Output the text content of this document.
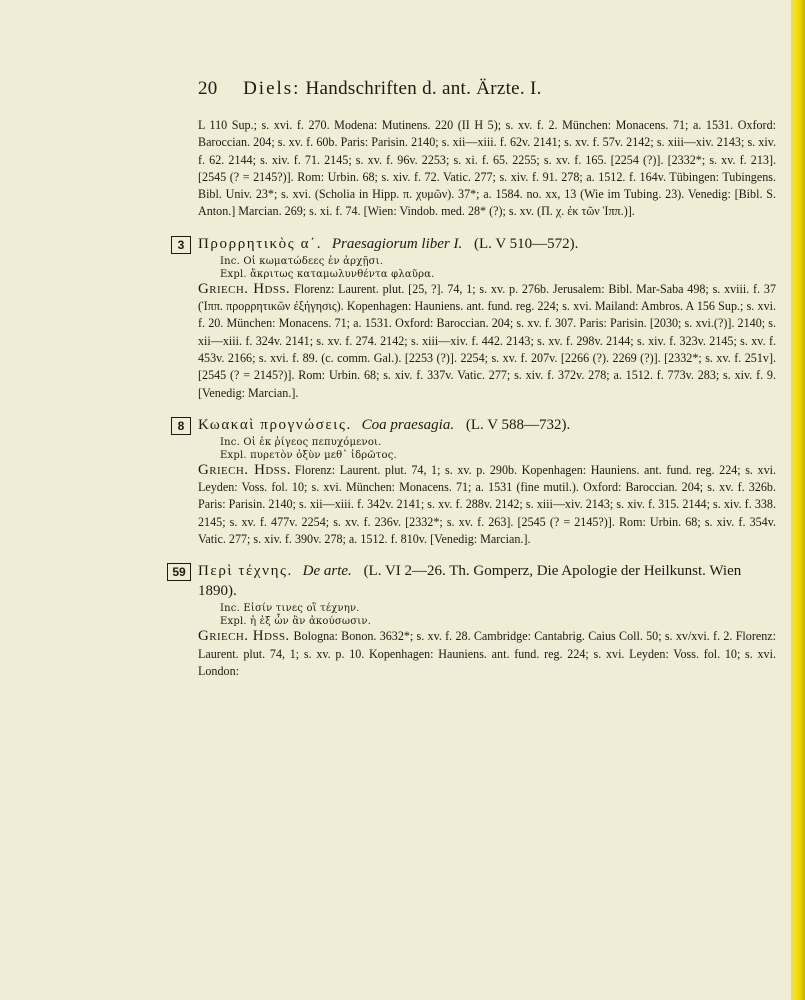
20 Diels: Handschriften d. ant. Ärzte. I.

L 110 Sup.; s. xvi. f. 270. Modena: Mutinens. 220 (II H 5); s. xv. f. 2. München: Monacens. 71; a. 1531. Oxford: Baroccian. 204; s. xv. f. 60b. Paris: Parisin. 2140; s. xii—xiii. f. 62v. 2141; s. xv. f. 57v. 2142; s. xiii—xiv. 2143; s. xiv. f. 62. 2144; s. xiv. f. 71. 2145; s. xv. f. 96v. 2253; s. xi. f. 65. 2255; s. xv. f. 165. [2254 (?)]. [2332*; s. xv. f. 213]. [2545 (? = 2145?)]. Rom: Urbin. 68; s. xiv. f. 72. Vatic. 277; s. xiv. f. 91. 278; a. 1512. f. 164v. Tübingen: Tubingens. Bibl. Univ. 23*; s. xvi. (Scholia in Hipp. π. χυμῶν). 37*; a. 1584. no. xx, 13 (Wie im Tubing. 23). Venedig: [Bibl. S. Anton.] Marcian. 269; s. xi. f. 74. [Wien: Vindob. med. 28* (?); s. xv. (Π. χ. ἐκ τῶν Ἱππ.)].

3 Προρρητικὸς α΄. Praesagiorum liber I. (L. V 510—572).
Inc. Οἱ κωματώδεες ἐν ἀρχῇσι.
Expl. ἄκριτως καταμωλυνθέντα φλαῦρα.

Griech. Hdss. Florenz: Laurent. plut. [25, ?]. 74, 1; s. xv. p. 276b. Jerusalem: Bibl. Mar-Saba 498; s. xviii. f. 37 (Ἱππ. προρρητικῶν ἐξήγησις). Kopenhagen: Hauniens. ant. fund. reg. 224; s. xvi. Mailand: Ambros. A 156 Sup.; s. xvi. f. 20. München: Monacens. 71; a. 1531. Oxford: Baroccian. 204; s. xv. f. 307. Paris: Parisin. [2030; s. xvi.(?)]. 2140; s. xii—xiii. f. 324v. 2141; s. xv. f. 274. 2142; s. xiii—xiv. f. 442. 2143; s. xv. f. 298v. 2144; s. xiv. f. 323v. 2145; s. xv. f. 453v. 2166; s. xvi. f. 89. (c. comm. Gal.). [2253 (?)]. 2254; s. xv. f. 207v. [2266 (?). 2269 (?)]. [2332*; s. xv. f. 251v]. [2545 (? = 2145?)]. Rom: Urbin. 68; s. xiv. f. 337v. Vatic. 277; s. xiv. f. 372v. 278; a. 1512. f. 773v. 283; s. xiv. f. 9. [Venedig: Marcian.].

8 Κωακαὶ προγνώσεις. Coa praesagia. (L. V 588—732).
Inc. Οἱ ἐκ ῥίγεος πεπυχόμενοι.
Expl. πυρετὸν ὀξὺν μεθ᾽ ἱδρῶτος.

Griech. Hdss. Florenz: Laurent. plut. 74, 1; s. xv. p. 290b. Kopenhagen: Hauniens. ant. fund. reg. 224; s. xvi. Leyden: Voss. fol. 10; s. xvi. München: Monacens. 71; a. 1531 (fine mutil.). Oxford: Baroccian. 204; s. xv. f. 326b. Paris: Parisin. 2140; s. xii—xiii. f. 342v. 2141; s. xv. f. 288v. 2142; s. xiii—xiv. 2143; s. xiv. f. 315. 2144; s. xiv. f. 338. 2145; s. xv. f. 477v. 2254; s. xv. f. 236v. [2332*; s. xv. f. 263]. [2545 (? = 2145?)]. Rom: Urbin. 68; s. xiv. f. 354v. Vatic. 277; s. xiv. f. 390v. 278; a. 1512. f. 810v. [Venedig: Marcian.].

59 Περὶ τέχνης. De arte. (L. VI 2—26. Th. Gomperz, Die Apologie der Heilkunst. Wien 1890).
Inc. Εἰσίν τινες οἳ τέχνην.
Expl. ἡ ἐξ ὧν ἂν ἀκούσωσιν.

Griech. Hdss. Bologna: Bonon. 3632*; s. xv. f. 28. Cambridge: Cantabrig. Caius Coll. 50; s. xv/xvi. f. 2. Florenz: Laurent. plut. 74, 1; s. xv. p. 10. Kopenhagen: Hauniens. ant. fund. reg. 224; s. xvi. Leyden: Voss. fol. 10; s. xvi. London:
